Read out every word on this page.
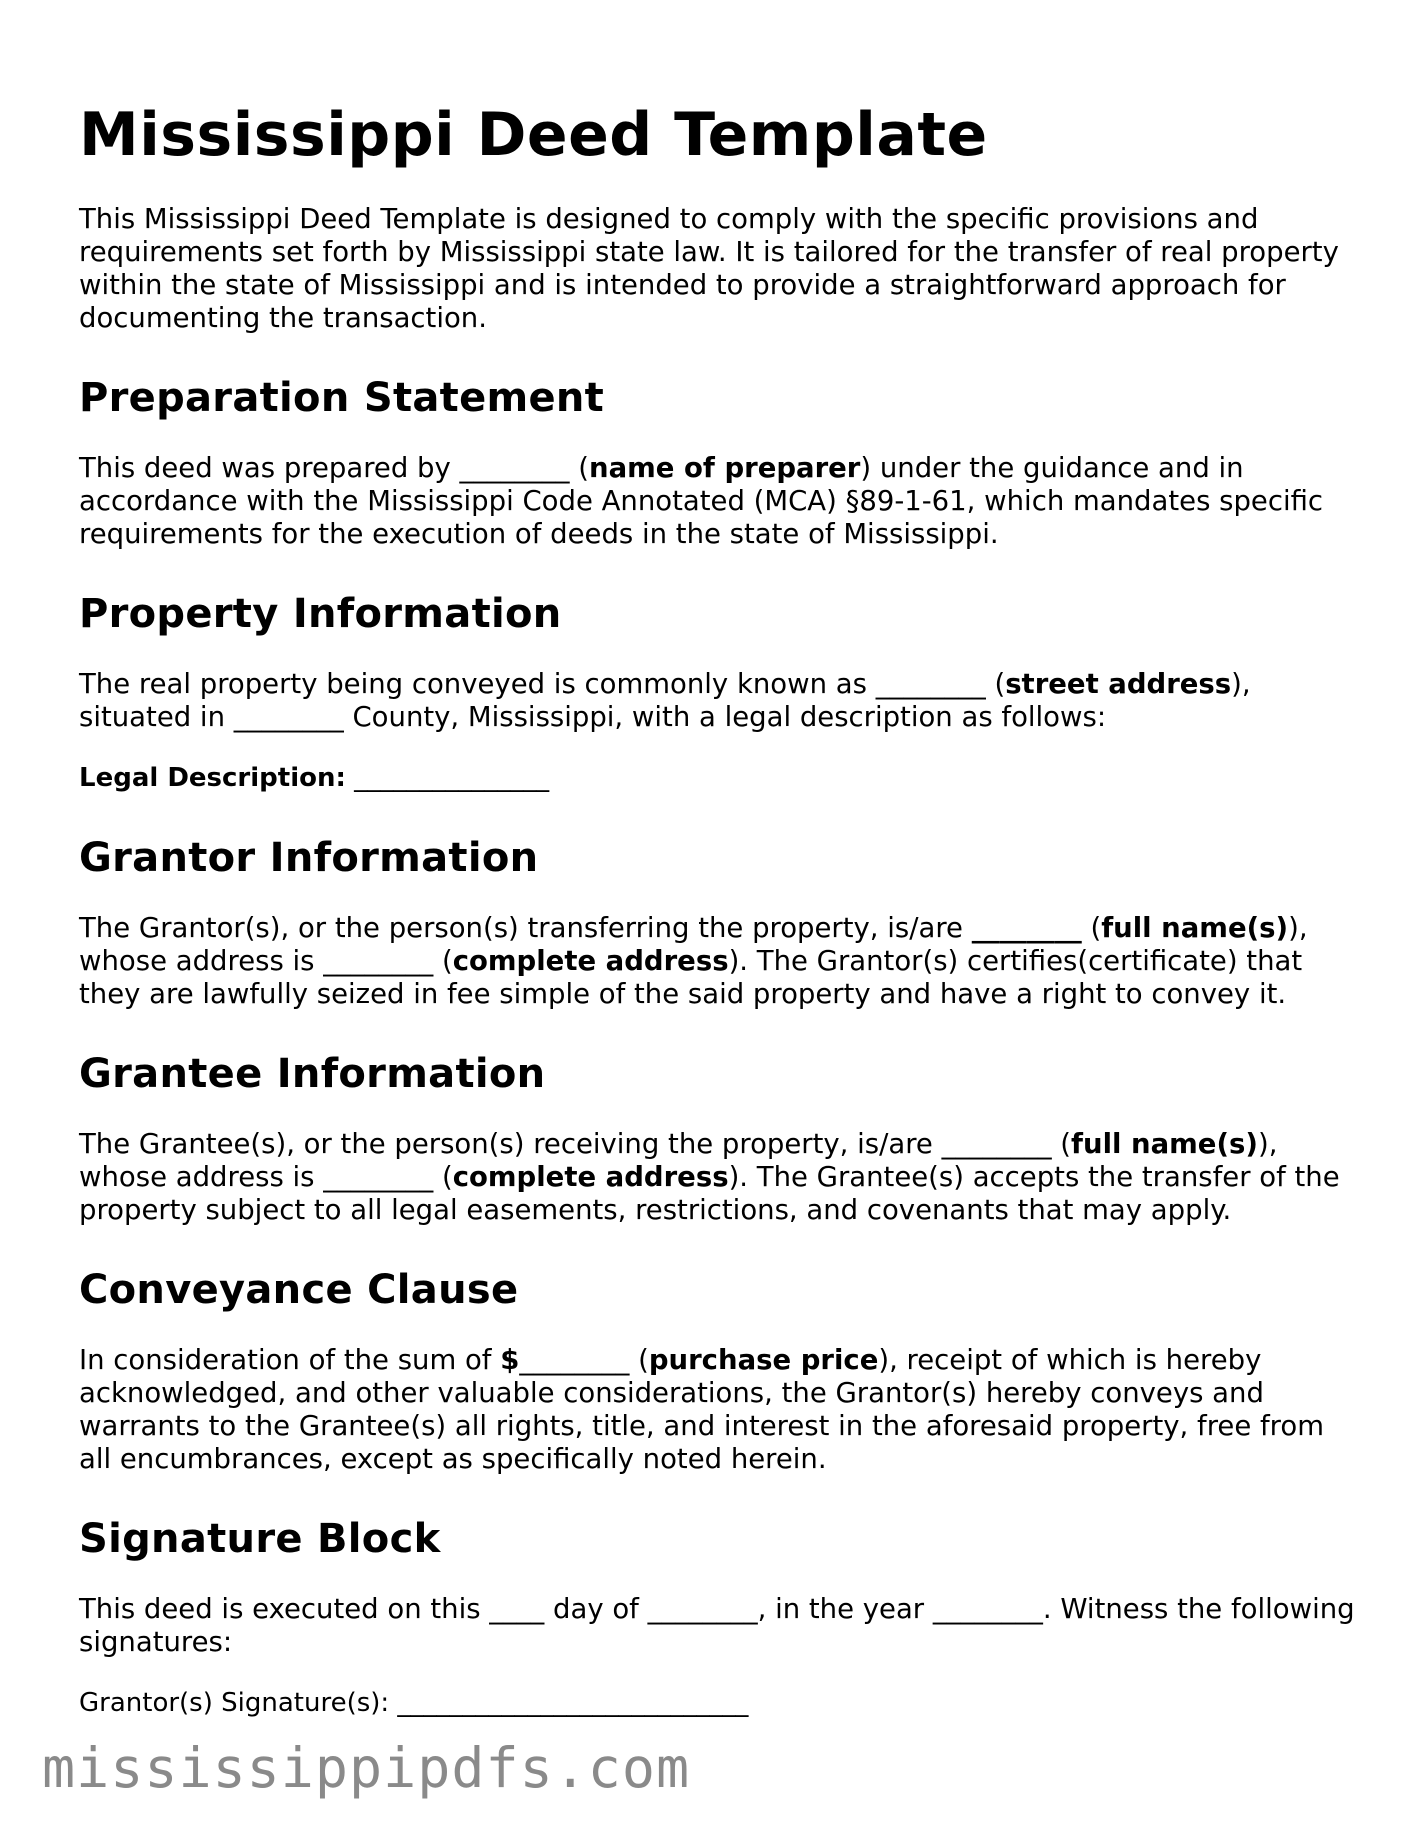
Mississippi Deed Template

This Mississippi Deed Template is designed to comply with the specific provisions and requirements set forth by Mississippi state law. It is tailored for the transfer of real property within the state of Mississippi and is intended to provide a straightforward approach for documenting the transaction.

Preparation Statement

This deed was prepared by ________ (name of preparer) under the guidance and in accordance with the Mississippi Code Annotated (MCA) §89-1-61, which mandates specific requirements for the execution of deeds in the state of Mississippi.

Property Information

The real property being conveyed is commonly known as ________ (street address), situated in ________ County, Mississippi, with a legal description as follows:

Legal Description: _______________

Grantor Information

The Grantor(s), or the person(s) transferring the property, is/are ________ (full name(s)), whose address is ________ (complete address). The Grantor(s) certifies(certificate) that they are lawfully seized in fee simple of the said property and have a right to convey it.

Grantee Information

The Grantee(s), or the person(s) receiving the property, is/are ________ (full name(s)), whose address is ________ (complete address). The Grantee(s) accepts the transfer of the property subject to all legal easements, restrictions, and covenants that may apply.

Conveyance Clause

In consideration of the sum of $________ (purchase price), receipt of which is hereby acknowledged, and other valuable considerations, the Grantor(s) hereby conveys and warrants to the Grantee(s) all rights, title, and interest in the aforesaid property, free from all encumbrances, except as specifically noted herein.

Signature Block

This deed is executed on this ____ day of ________, in the year ________. Witness the following signatures:

Grantor(s) Signature(s): ___________________________

mississippipdfs.com
